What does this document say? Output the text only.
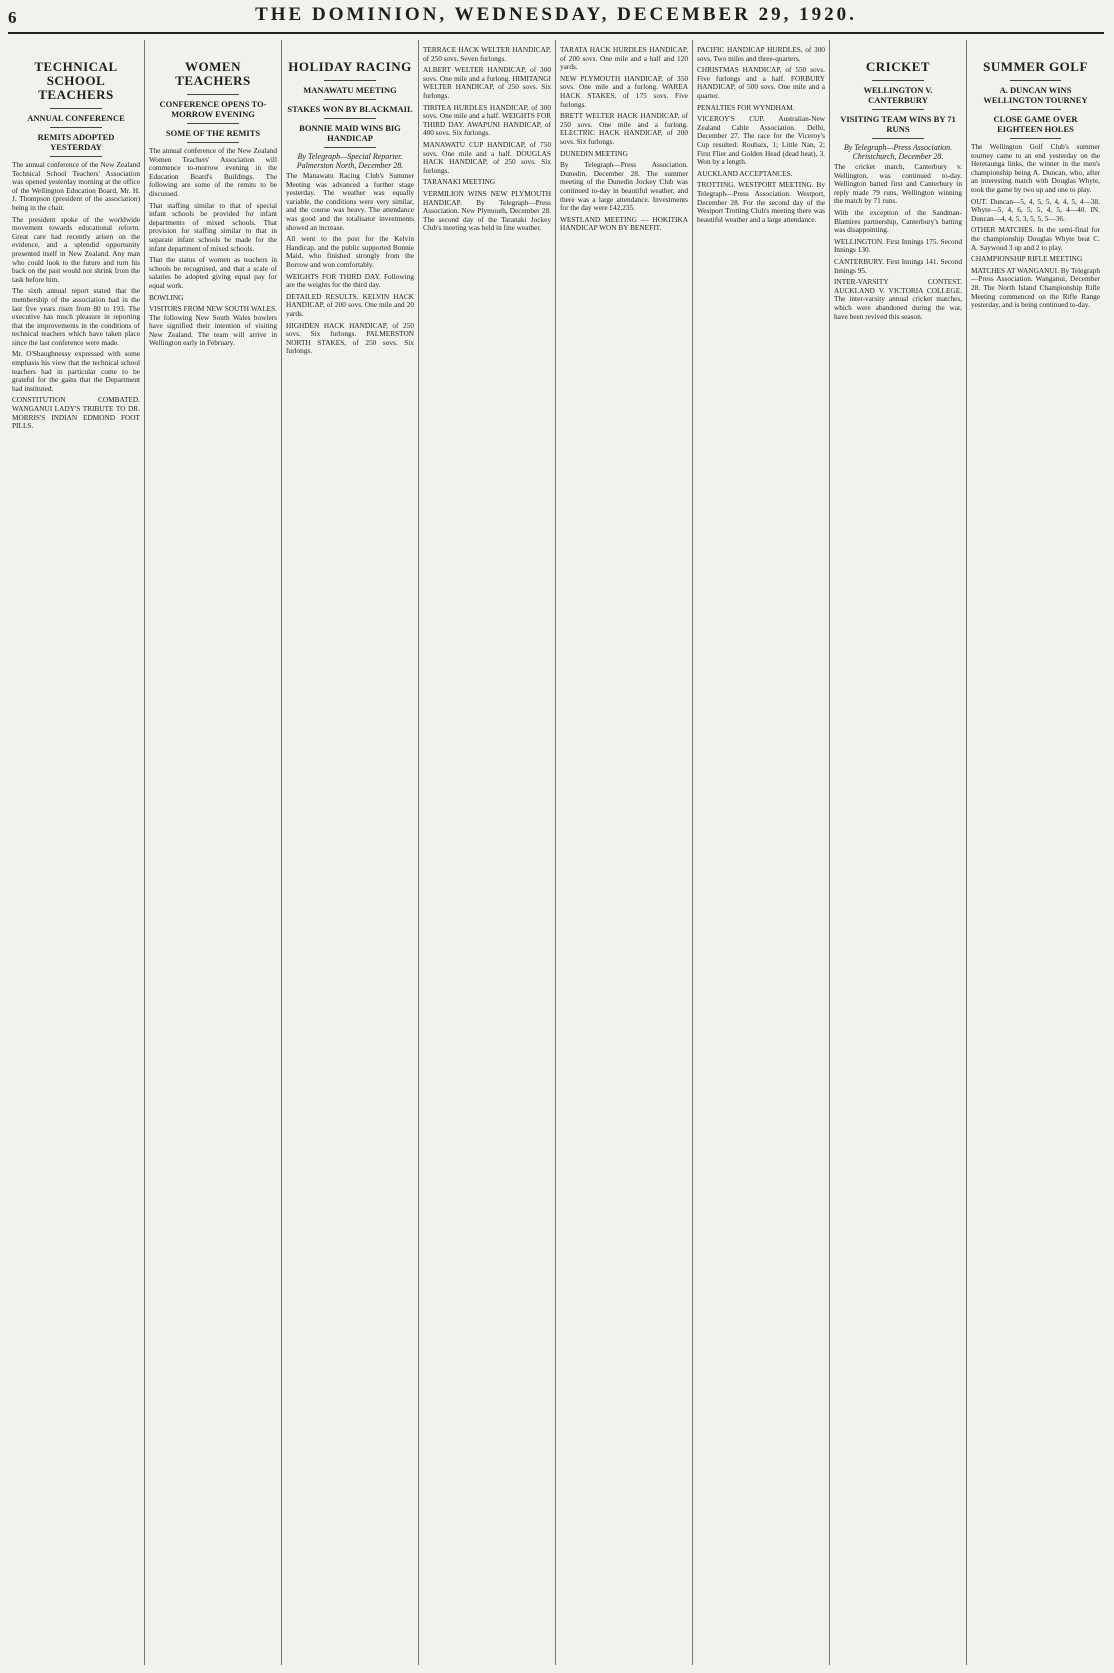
6	THE DOMINION, WEDNESDAY, DECEMBER 29, 1920.
TECHNICAL SCHOOL TEACHERS
ANNUAL CONFERENCE
REMITS ADOPTED YESTERDAY

The annual conference of the New Zealand Technical School Teachers' Association was opened yesterday morning at the office of the Wellington Education Board, Mr. H. J. Thompson (president of the association) being in the chair.

The president spoke of the worldwide movement towards educational reform. Great care had recently arisen on the evidence, and a splendid opportunity presented itself in New Zealand. Any man who could look to the future and turn his back on the past would not shrink from the task before him.

The sixth annual report stated that the membership of the association had in the last five years risen from 80 to 193. The executive has much pleasure in reporting that the improvements in the conditions of technical teachers which have taken place since the last conference were made.

Mr. O'Shaughnessy expressed with some emphasis his view that the technical school teachers had in particular come to be grateful for the gains that the Department had instituted.

CONSTITUTION COMBATED. WANGANUI LADY'S TRIBUTE TO DR. MORRIS'S INDIAN EDMOND FOOT PILLS.

WOMEN TEACHERS
CONFERENCE OPENS TO-MORROW EVENING
SOME OF THE REMITS

The annual conference of the New Zealand Women Teachers' Association will commence to-morrow evening in the Education Board's Buildings. The following are some of the remits to be discussed.

That staffing similar to that of special infant schools be provided for infant departments of mixed schools. That provision for staffing similar to that in separate infant schools be made for the infant department of mixed schools.

That the status of women as teachers in schools be recognised, and that a scale of salaries be adopted giving equal pay for equal work.

BOWLING

VISITORS FROM NEW SOUTH WALES. The following New South Wales bowlers have signified their intention of visiting New Zealand. The team will arrive in Wellington early in February.

HOLIDAY RACING
MANAWATU MEETING
STAKES WON BY BLACKMAIL
BONNIE MAID WINS BIG HANDICAP
By Telegraph—Special Reporter. Palmerston North, December 28.

The Manawatu Racing Club's Summer Meeting was advanced a further stage yesterday. The weather was equally variable, the conditions were very similar, and the course was heavy. The attendance was good and the totalisator investments showed an increase.

All went to the post for the Kelvin Handicap, and the public supported Bonnie Maid, who finished strongly from the Borrow and won comfortably.

WEIGHTS FOR THIRD DAY. Following are the weights for the third day.

DETAILED RESULTS. KELVIN HACK HANDICAP, of 200 sovs. One mile and 20 yards.

HIGHDEN HACK HANDICAP, of 250 sovs. Six furlongs. PALMERSTON NORTH STAKES, of 250 sovs. Six furlongs.

TERRACE HACK WELTER HANDICAP, of 250 sovs. Seven furlongs.

ALBERT WELTER HANDICAP, of 300 sovs. One mile and a furlong. HIMITANGI WELTER HANDICAP, of 250 sovs. Six furlongs.

TIRITEA HURDLES HANDICAP, of 300 sovs. One mile and a half. WEIGHTS FOR THIRD DAY. AWAPUNI HANDICAP, of 400 sovs. Six furlongs.

MANAWATU CUP HANDICAP, of 750 sovs. One mile and a half. DOUGLAS HACK HANDICAP, of 250 sovs. Six furlongs.

TARANAKI MEETING

VERMILION WINS NEW PLYMOUTH HANDICAP. By Telegraph—Press Association. New Plymouth, December 28. The second day of the Taranaki Jockey Club's meeting was held in fine weather.

TARATA HACK HURDLES HANDICAP, of 200 sovs. One mile and a half and 120 yards.

NEW PLYMOUTH HANDICAP, of 350 sovs. One mile and a furlong. WAREA HACK STAKES, of 175 sovs. Five furlongs.

BRETT WELTER HACK HANDICAP, of 250 sovs. One mile and a furlong. ELECTRIC HACK HANDICAP, of 200 sovs. Six furlongs.

DUNEDIN MEETING

By Telegraph—Press Association. Dunedin, December 28. The summer meeting of the Dunedin Jockey Club was continued to-day in beautiful weather, and there was a large attendance. Investments for the day were £42,235.

WESTLAND MEETING — HOKITIKA HANDICAP WON BY BENEFIT.

PACIFIC HANDICAP HURDLES, of 300 sovs. Two miles and three-quarters.

CHRISTMAS HANDICAP, of 550 sovs. Five furlongs and a half. FORBURY HANDICAP, of 500 sovs. One mile and a quarter.

PENALTIES FOR WYNDHAM.

VICEROY'S CUP. Australian-New Zealand Cable Association. Delhi, December 27. The race for the Viceroy's Cup resulted: Roubaix, 1; Little Nan, 2; First Flier and Golden Head (dead heat), 3. Won by a length.

AUCKLAND ACCEPTANCES.

TROTTING. WESTPORT MEETING. By Telegraph—Press Association. Westport, December 28. For the second day of the Westport Trotting Club's meeting there was beautiful weather and a large attendance.

CRICKET
WELLINGTON V. CANTERBURY
VISITING TEAM WINS BY 71 RUNS
By Telegraph—Press Association. Christchurch, December 28.

The cricket match, Canterbury v. Wellington, was continued to-day. Wellington batted first and Canterbury in reply made 79 runs, Wellington winning the match by 71 runs.

With the exception of the Sandman-Blamires partnership, Canterbury's batting was disappointing.

WELLINGTON. First Innings 175. Second Innings 130.

CANTERBURY. First Innings 141. Second Innings 95.

INTER-VARSITY CONTEST. AUCKLAND V. VICTORIA COLLEGE. The inter-varsity annual cricket matches, which were abandoned during the war, have been revived this season.

SUMMER GOLF
A. DUNCAN WINS WELLINGTON TOURNEY
CLOSE GAME OVER EIGHTEEN HOLES

The Wellington Golf Club's summer tourney came to an end yesterday on the Heretaunga links, the winner in the men's championship being A. Duncan, who, after an interesting match with Douglas Whyte, took the game by two up and one to play.

OUT. Duncan—5, 4, 5, 5, 4, 4, 5, 4—38. Whyte—5, 4, 6, 5, 5, 4, 5, 4—40. IN. Duncan—4, 4, 5, 3, 5, 5, 5—36.

OTHER MATCHES. In the semi-final for the championship Douglas Whyte beat C. A. Saywood 3 up and 2 to play.

CHAMPIONSHIP RIFLE MEETING

MATCHES AT WANGANUI. By Telegraph—Press Association. Wanganui, December 28. The North Island Championship Rifle Meeting commenced on the Rifle Range yesterday, and is being continued to-day.
